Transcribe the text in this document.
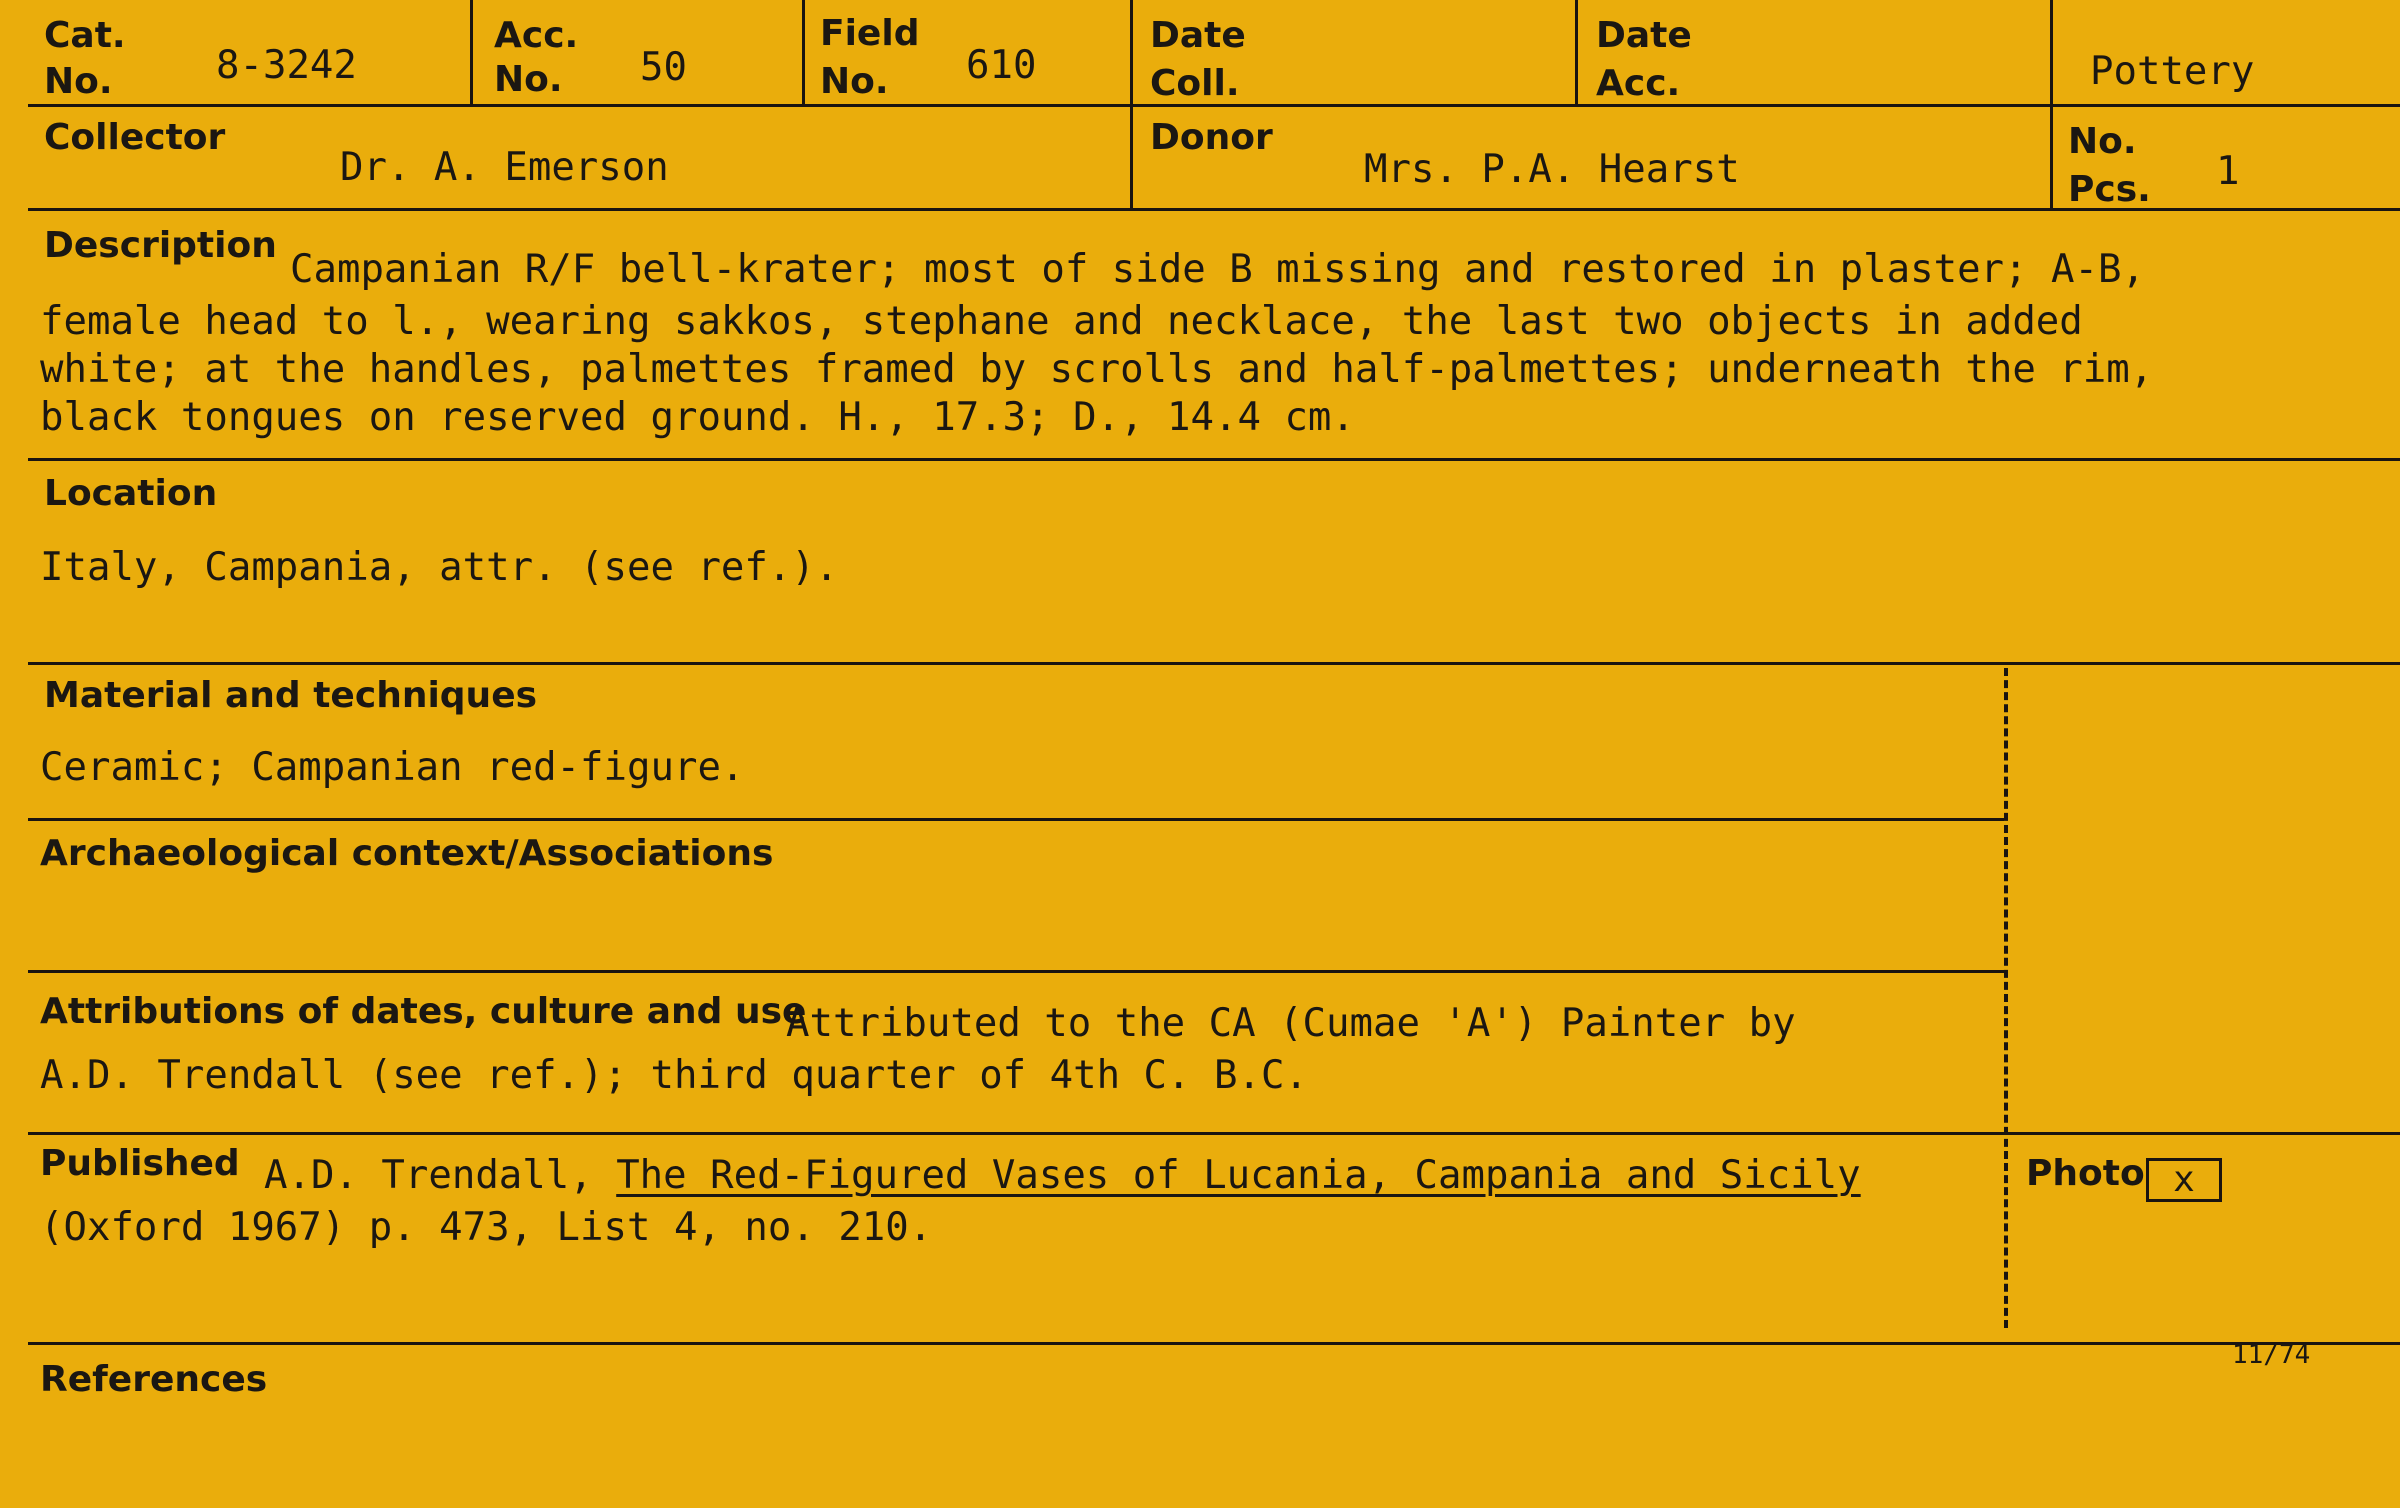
Cat.
No.	8-3242
Acc.
No. 50
Field
No. 610
Date
Coll.
Date
Acc.	Pottery
Collector
Dr. A. Emerson
Donor
Mrs. P.A. Hearst
No.
Pcs. 1
Description
Campanian R/F bell-krater; most of side B missing and restored in plaster; A-B,
female head to l., wearing sakkos, stephane and necklace, the last two objects in added
white; at the handles, palmettes framed by scrolls and half-palmettes; underneath the rim,
black tongues on reserved ground. H., 17.3; D., 14.4 cm.
Location
Italy, Campania, attr. (see ref.).
Material and techniques
Ceramic; Campanian red-figure.
Archaeological context/Associations
Attributions of dates, culture and use
Attributed to the CA (Cumae 'A') Painter by
A.D. Trendall (see ref.); third quarter of 4th C. B.C.
Published A.D. Trendall, The Red-Figured Vases of Lucania, Campania and Sicily
(Oxford 1967) p. 473, List 4, no. 210.
Photo x
References
11/74
